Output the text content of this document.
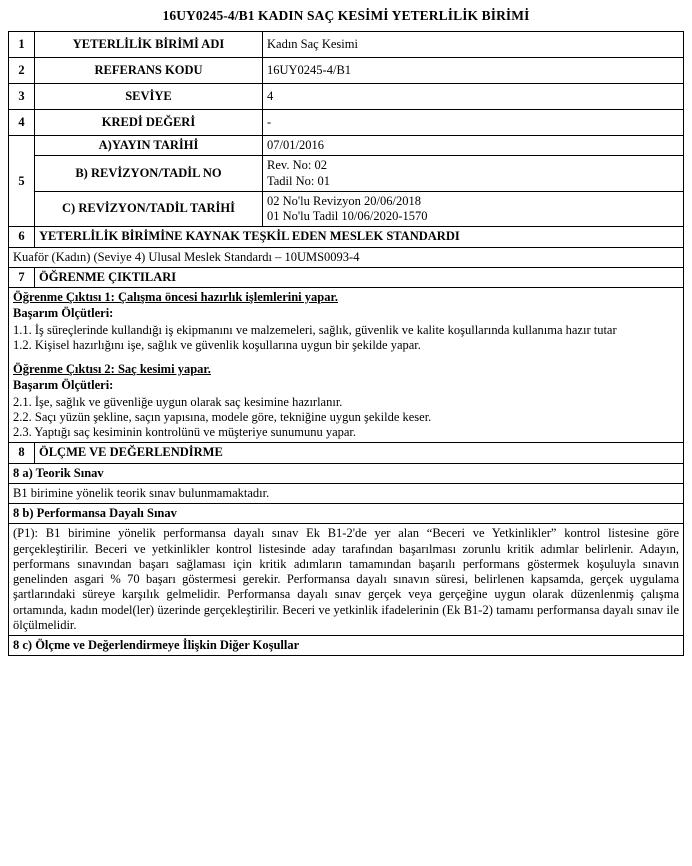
16UY0245-4/B1 KADIN SAÇ KESİMİ YETERLİLİK BİRİMİ
1	YETERLİLİK BİRİMİ ADI	Kadın Saç Kesimi
2	REFERANS KODU	16UY0245-4/B1
3	SEVİYE	4
4	KREDİ DEĞERİ	-
5	A)YAYIN TARİHİ	07/01/2016
	B) REVİZYON/TADİL NO	Rev. No: 02
Tadil No: 01

	C) REVİZYON/TADİL TARİHİ	02 No'lu Revizyon 20/06/2018
01 No'lu Tadil 10/06/2020-1570

6	YETERLİLİK BİRİMİNE KAYNAK TEŞKİL EDEN MESLEK STANDARDI	
Kuaför (Kadın) (Seviye 4) Ulusal Meslek Standardı – 10UMS0093-4		
7	ÖĞRENME ÇIKTILARI	

Öğrenme Çıktısı 1: Çalışma öncesi hazırlık işlemlerini yapar.

Başarım Ölçütleri:

1.1. İş süreçlerinde kullandığı iş ekipmanını ve malzemeleri, sağlık, güvenlik ve kalite koşullarında kullanıma hazır tutar

1.2. Kişisel hazırlığını işe, sağlık ve güvenlik koşullarına uygun bir şekilde yapar.

Öğrenme Çıktısı 2: Saç kesimi yapar.

Başarım Ölçütleri:

2.1. İşe, sağlık ve güvenliğe uygun olarak saç kesimine hazırlanır.

2.2. Saçı yüzün şekline, saçın yapısına, modele göre, tekniğine uygun şekilde keser.

2.3. Yaptığı saç kesiminin kontrolünü ve müşteriye sunumunu yapar.

8	ÖLÇME VE DEĞERLENDİRME	
8 a) Teorik Sınav		
B1 birimine yönelik teorik sınav bulunmamaktadır.		
8 b) Performansa Dayalı Sınav		
(P1): B1 birimine yönelik performansa dayalı sınav Ek B1-2'de yer alan “Beceri ve Yetkinlikler” kontrol listesine göre gerçekleştirilir. Beceri ve yetkinlikler kontrol listesinde aday tarafından başarılması zorunlu kritik adımlar belirlenir. Adayın, performans sınavından başarı sağlaması için kritik adımların tamamından başarılı performans göstermek koşuluyla sınavın genelinden asgari % 70 başarı göstermesi gerekir. Performansa dayalı sınavın süresi, belirlenen kapsamda, gerçek uygulama şartlarındaki süreye karşılık gelmelidir. Performansa dayalı sınav gerçek veya gerçeğine uygun olarak düzenlenmiş çalışma ortamında, kadın model(ler) üzerinde gerçekleştirilir. Beceri ve yetkinlik ifadelerinin (Ek B1-2) tamamı performansa dayalı sınav ile ölçülmelidir.		
8 c) Ölçme ve Değerlendirmeye İlişkin Diğer Koşullar		
